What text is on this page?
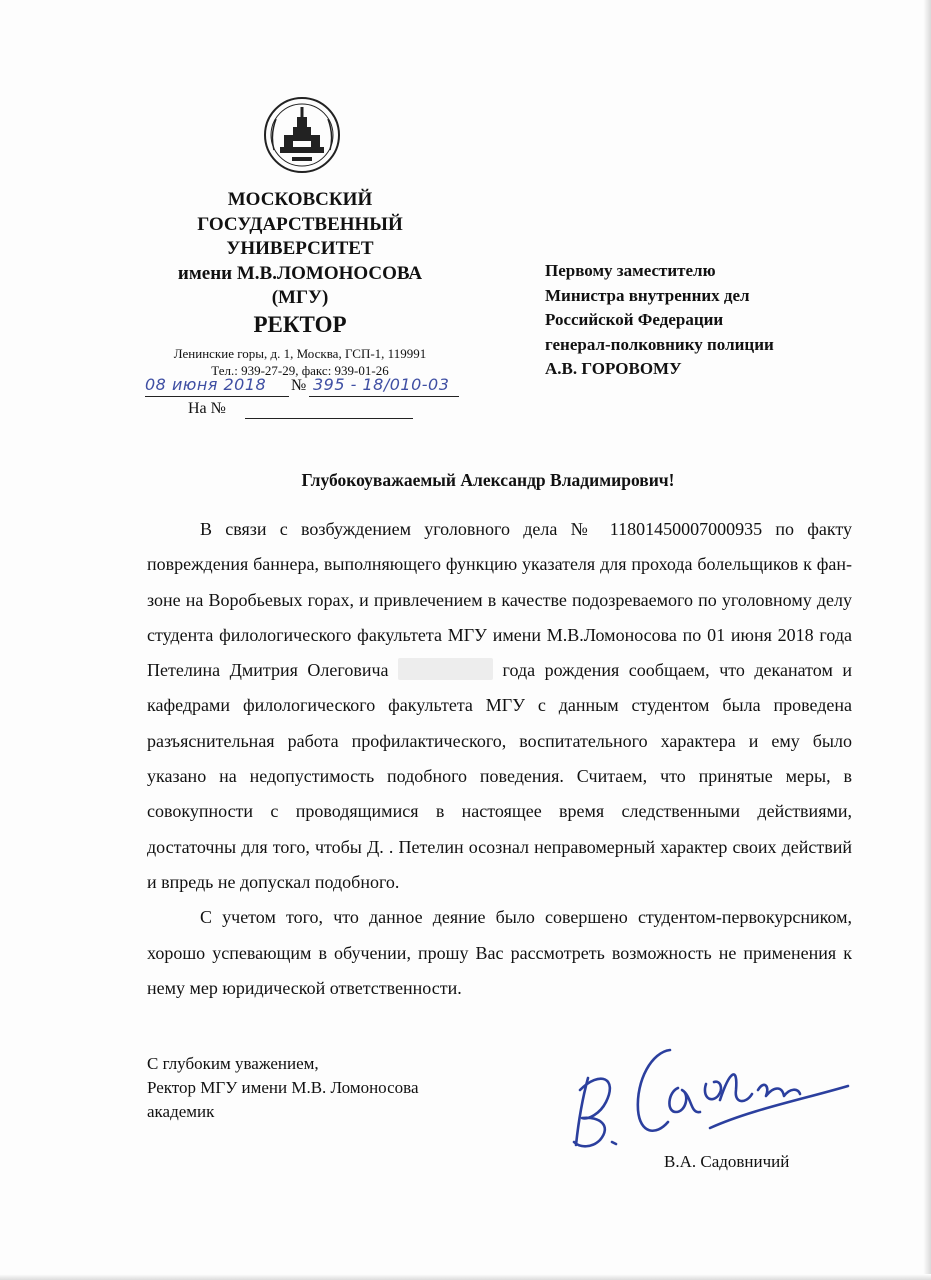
МОСКОВСКИЙ
ГОСУДАРСТВЕННЫЙ
УНИВЕРСИТЕТ
имени М.В.ЛОМОНОСОВА
(МГУ)
РЕКТОР
Ленинские горы, д. 1, Москва, ГСП-1, 119991
Тел.: 939-27-29, факс: 939-01-26
08 июня 2018 № 395 - 18/010-03
На №
Первому заместителю
Министра внутренних дел
Российской Федерации
генерал-полковнику полиции
А.В. ГОРОВОМУ
Глубокоуважаемый Александр Владимирович!

В связи с возбуждением уголовного дела № 11801450007000935 по факту повреждения баннера, выполняющего функцию указателя для прохода болельщиков к фан-зоне на Воробьевых горах, и привлечением в качестве подозреваемого по уголовному делу студента филологического факультета МГУ имени М.В.Ломоносова по 01 июня 2018 года Петелина Дмитрия Олеговича	года рождения сообщаем, что деканатом и кафедрами филологического факультета МГУ с данным студентом была проведена разъяснительная работа профилактического, воспитательного характера и ему было указано на недопустимость подобного поведения. Считаем, что принятые меры, в совокупности с проводящимися в настоящее время следственными действиями, достаточны для того, чтобы Д. . Петелин осознал неправомерный характер своих действий и впредь не допускал подобного.

С учетом того, что данное деяние было совершено студентом-первокурсником, хорошо успевающим в обучении, прошу Вас рассмотреть возможность не применения к нему мер юридической ответственности.

С глубоким уважением,
Ректор МГУ имени М.В. Ломоносова
академик
В.А. Садовничий
